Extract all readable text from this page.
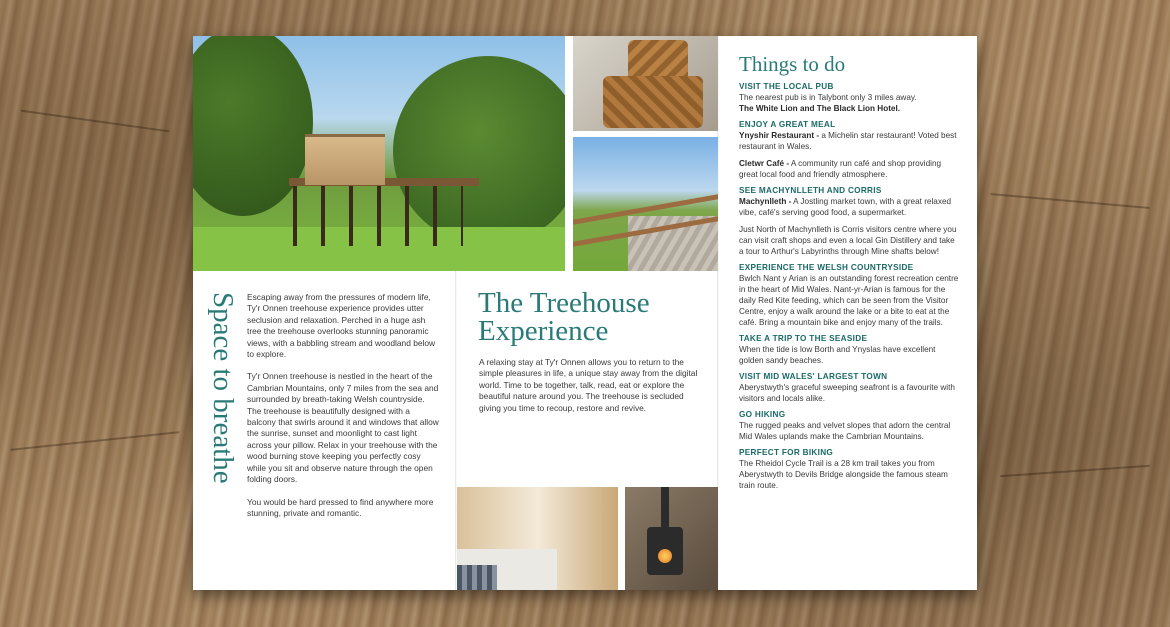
Space to breathe Escaping away from the pressures of modern life, Ty'r Onnen treehouse experience provides utter seclusion and relaxation. Perched in a huge ash tree the treehouse overlooks stunning panoramic views, with a babbling stream and woodland below to explore.

Ty'r Onnen treehouse is nestled in the heart of the Cambrian Mountains, only 7 miles from the sea and surrounded by breath-taking Welsh countryside. The treehouse is beautifully designed with a balcony that swirls around it and windows that allow the sunrise, sunset and moonlight to cast light across your pillow. Relax in your treehouse with the wood burning stove keeping you perfectly cosy while you sit and observe nature through the open folding doors.

You would be hard pressed to find anywhere more stunning, private and romantic.

The Treehouse Experience

A relaxing stay at Ty'r Onnen allows you to return to the simple pleasures in life, a unique stay away from the digital world. Time to be together, talk, read, eat or explore the beautiful nature around you. The treehouse is secluded giving you time to recoup, restore and revive.

Things to do
VISIT THE LOCAL PUB

The nearest pub is in Talybont only 3 miles away.
The White Lion and The Black Lion Hotel.

ENJOY A GREAT MEAL

Ynyshir Restaurant - a Michelin star restaurant! Voted best restaurant in Wales.

Cletwr Café - A community run café and shop providing great local food and friendly atmosphere.

SEE MACHYNLLETH AND CORRIS

Machynlleth - A Jostling market town, with a great relaxed vibe, café's serving good food, a supermarket.

Just North of Machynlleth is Corris visitors centre where you can visit craft shops and even a local Gin Distillery and take a tour to Arthur's Labyrinths through Mine shafts below!

EXPERIENCE THE WELSH COUNTRYSIDE

Bwlch Nant y Arian is an outstanding forest recreation centre in the heart of Mid Wales. Nant-yr-Arian is famous for the daily Red Kite feeding, which can be seen from the Visitor Centre, enjoy a walk around the lake or a bite to eat at the café. Bring a mountain bike and enjoy many of the trails.

TAKE A TRIP TO THE SEASIDE

When the tide is low Borth and Ynyslas have excellent golden sandy beaches.

VISIT MID WALES' LARGEST TOWN

Aberystwyth's graceful sweeping seafront is a favourite with visitors and locals alike.

GO HIKING

The rugged peaks and velvet slopes that adorn the central Mid Wales uplands make the Cambrian Mountains.

PERFECT FOR BIKING

The Rheidol Cycle Trail is a 28 km trail takes you from Aberystwyth to Devils Bridge alongside the famous steam train route.
